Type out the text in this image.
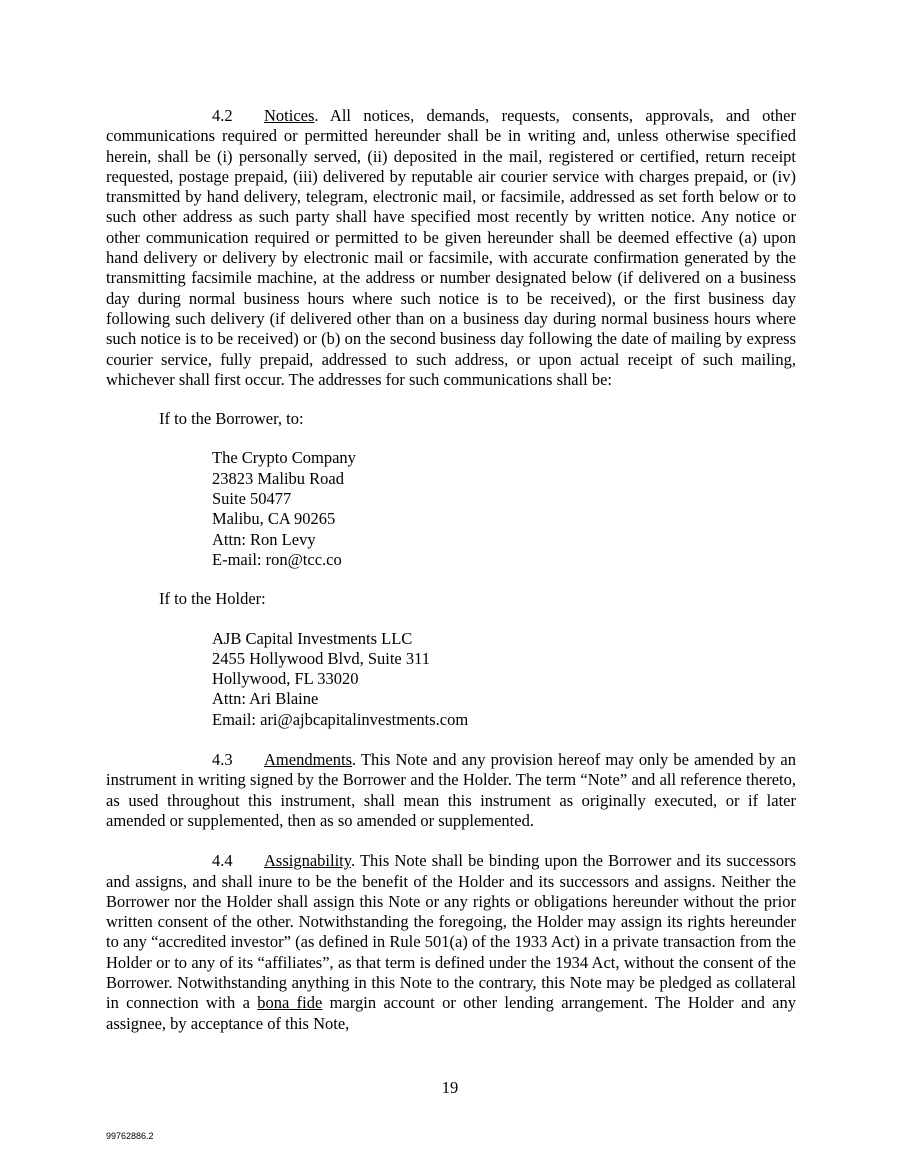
4.2 Notices. All notices, demands, requests, consents, approvals, and other communications required or permitted hereunder shall be in writing and, unless otherwise specified herein, shall be (i) personally served, (ii) deposited in the mail, registered or certified, return receipt requested, postage prepaid, (iii) delivered by reputable air courier service with charges prepaid, or (iv) transmitted by hand delivery, telegram, electronic mail, or facsimile, addressed as set forth below or to such other address as such party shall have specified most recently by written notice. Any notice or other communication required or permitted to be given hereunder shall be deemed effective (a) upon hand delivery or delivery by electronic mail or facsimile, with accurate confirmation generated by the transmitting facsimile machine, at the address or number designated below (if delivered on a business day during normal business hours where such notice is to be received), or the first business day following such delivery (if delivered other than on a business day during normal business hours where such notice is to be received) or (b) on the second business day following the date of mailing by express courier service, fully prepaid, addressed to such address, or upon actual receipt of such mailing, whichever shall first occur. The addresses for such communications shall be:

If to the Borrower, to:

The Crypto Company
23823 Malibu Road
Suite 50477
Malibu, CA 90265
Attn: Ron Levy
E-mail: ron@tcc.co

If to the Holder:

AJB Capital Investments LLC
2455 Hollywood Blvd, Suite 311
Hollywood, FL 33020
Attn: Ari Blaine
Email: ari@ajbcapitalinvestments.com

4.3 Amendments. This Note and any provision hereof may only be amended by an instrument in writing signed by the Borrower and the Holder. The term “Note” and all reference thereto, as used throughout this instrument, shall mean this instrument as originally executed, or if later amended or supplemented, then as so amended or supplemented.

4.4 Assignability. This Note shall be binding upon the Borrower and its successors and assigns, and shall inure to be the benefit of the Holder and its successors and assigns. Neither the Borrower nor the Holder shall assign this Note or any rights or obligations hereunder without the prior written consent of the other. Notwithstanding the foregoing, the Holder may assign its rights hereunder to any “accredited investor” (as defined in Rule 501(a) of the 1933 Act) in a private transaction from the Holder or to any of its “affiliates”, as that term is defined under the 1934 Act, without the consent of the Borrower. Notwithstanding anything in this Note to the contrary, this Note may be pledged as collateral in connection with a bona fide margin account or other lending arrangement. The Holder and any assignee, by acceptance of this Note,

19
99762886.2
